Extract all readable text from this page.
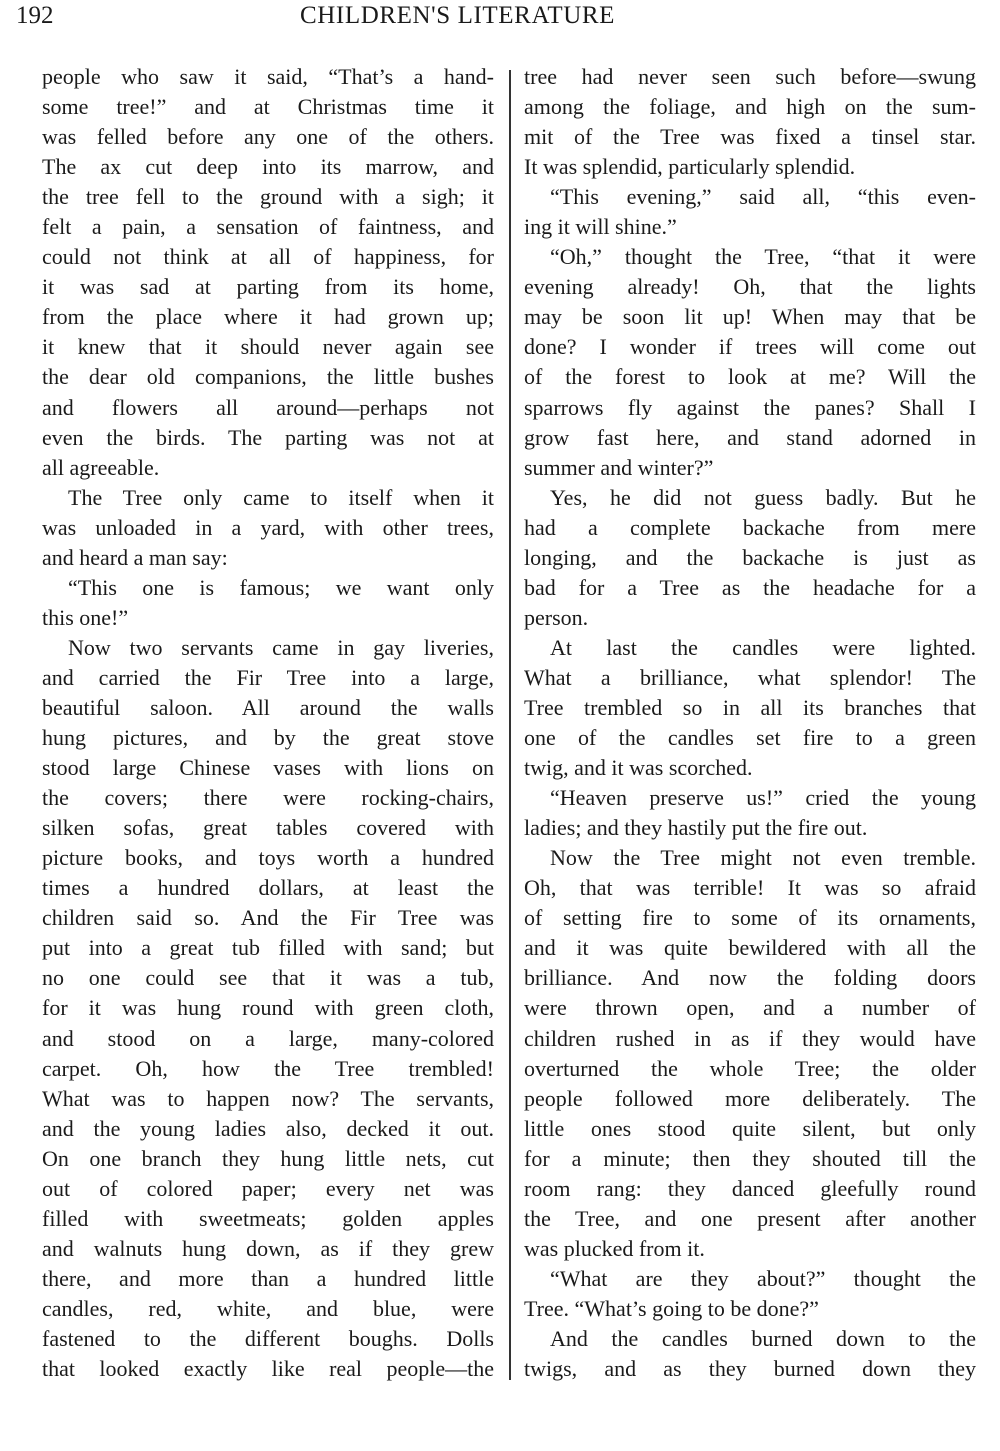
192	CHILDREN'S LITERATURE
people who saw it said, “That’s a hand-
some tree!” and at Christmas time it
was felled before any one of the others.
The ax cut deep into its marrow, and
the tree fell to the ground with a sigh; it
felt a pain, a sensation of faintness, and
could not think at all of happiness, for
it was sad at parting from its home,
from the place where it had grown up;
it knew that it should never again see
the dear old companions, the little bushes
and flowers all around—perhaps not
even the birds. The parting was not at
all agreeable.
The Tree only came to itself when it
was unloaded in a yard, with other trees,
and heard a man say:
“This one is famous; we want only
this one!”
Now two servants came in gay liveries,
and carried the Fir Tree into a large,
beautiful saloon. All around the walls
hung pictures, and by the great stove
stood large Chinese vases with lions on
the covers; there were rocking-chairs,
silken sofas, great tables covered with
picture books, and toys worth a hundred
times a hundred dollars, at least the
children said so. And the Fir Tree was
put into a great tub filled with sand; but
no one could see that it was a tub,
for it was hung round with green cloth,
and stood on a large, many-colored
carpet. Oh, how the Tree trembled!
What was to happen now? The servants,
and the young ladies also, decked it out.
On one branch they hung little nets, cut
out of colored paper; every net was
filled with sweetmeats; golden apples
and walnuts hung down, as if they grew
there, and more than a hundred little
candles, red, white, and blue, were
fastened to the different boughs. Dolls
that looked exactly like real people—the
tree had never seen such before—swung
among the foliage, and high on the sum-
mit of the Tree was fixed a tinsel star.
It was splendid, particularly splendid.
“This evening,” said all, “this even-
ing it will shine.”
“Oh,” thought the Tree, “that it were
evening already! Oh, that the lights
may be soon lit up! When may that be
done? I wonder if trees will come out
of the forest to look at me? Will the
sparrows fly against the panes? Shall I
grow fast here, and stand adorned in
summer and winter?”
Yes, he did not guess badly. But he
had a complete backache from mere
longing, and the backache is just as
bad for a Tree as the headache for a
person.
At last the candles were lighted.
What a brilliance, what splendor! The
Tree trembled so in all its branches that
one of the candles set fire to a green
twig, and it was scorched.
“Heaven preserve us!” cried the young
ladies; and they hastily put the fire out.
Now the Tree might not even tremble.
Oh, that was terrible! It was so afraid
of setting fire to some of its ornaments,
and it was quite bewildered with all the
brilliance. And now the folding doors
were thrown open, and a number of
children rushed in as if they would have
overturned the whole Tree; the older
people followed more deliberately. The
little ones stood quite silent, but only
for a minute; then they shouted till the
room rang: they danced gleefully round
the Tree, and one present after another
was plucked from it.
“What are they about?” thought the
Tree. “What’s going to be done?”
And the candles burned down to the
twigs, and as they burned down they
